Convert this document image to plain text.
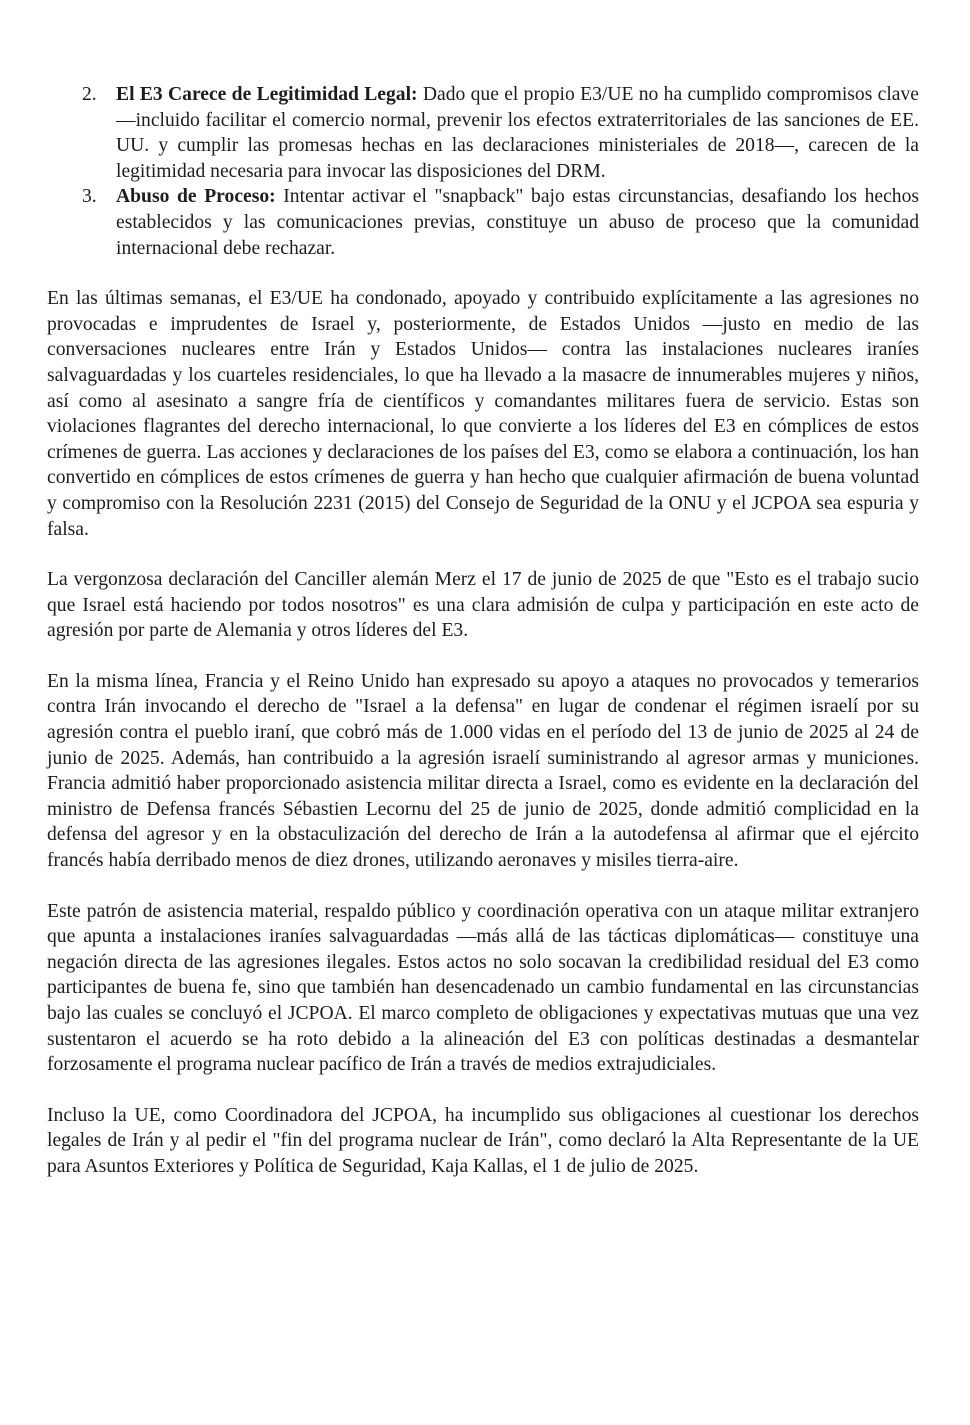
2. El E3 Carece de Legitimidad Legal: Dado que el propio E3/UE no ha cumplido compromisos clave —incluido facilitar el comercio normal, prevenir los efectos extraterritoriales de las sanciones de EE. UU. y cumplir las promesas hechas en las declaraciones ministeriales de 2018—, carecen de la legitimidad necesaria para invocar las disposiciones del DRM.
3. Abuso de Proceso: Intentar activar el "snapback" bajo estas circunstancias, desafiando los hechos establecidos y las comunicaciones previas, constituye un abuso de proceso que la comunidad internacional debe rechazar.

En las últimas semanas, el E3/UE ha condonado, apoyado y contribuido explícitamente a las agresiones no provocadas e imprudentes de Israel y, posteriormente, de Estados Unidos —justo en medio de las conversaciones nucleares entre Irán y Estados Unidos— contra las instalaciones nucleares iraníes salvaguardadas y los cuarteles residenciales, lo que ha llevado a la masacre de innumerables mujeres y niños, así como al asesinato a sangre fría de científicos y comandantes militares fuera de servicio. Estas son violaciones flagrantes del derecho internacional, lo que convierte a los líderes del E3 en cómplices de estos crímenes de guerra. Las acciones y declaraciones de los países del E3, como se elabora a continuación, los han convertido en cómplices de estos crímenes de guerra y han hecho que cualquier afirmación de buena voluntad y compromiso con la Resolución 2231 (2015) del Consejo de Seguridad de la ONU y el JCPOA sea espuria y falsa.

La vergonzosa declaración del Canciller alemán Merz el 17 de junio de 2025 de que "Esto es el trabajo sucio que Israel está haciendo por todos nosotros" es una clara admisión de culpa y participación en este acto de agresión por parte de Alemania y otros líderes del E3.

En la misma línea, Francia y el Reino Unido han expresado su apoyo a ataques no provocados y temerarios contra Irán invocando el derecho de "Israel a la defensa" en lugar de condenar el régimen israelí por su agresión contra el pueblo iraní, que cobró más de 1.000 vidas en el período del 13 de junio de 2025 al 24 de junio de 2025. Además, han contribuido a la agresión israelí suministrando al agresor armas y municiones. Francia admitió haber proporcionado asistencia militar directa a Israel, como es evidente en la declaración del ministro de Defensa francés Sébastien Lecornu del 25 de junio de 2025, donde admitió complicidad en la defensa del agresor y en la obstaculización del derecho de Irán a la autodefensa al afirmar que el ejército francés había derribado menos de diez drones, utilizando aeronaves y misiles tierra-aire.

Este patrón de asistencia material, respaldo público y coordinación operativa con un ataque militar extranjero que apunta a instalaciones iraníes salvaguardadas —más allá de las tácticas diplomáticas— constituye una negación directa de las agresiones ilegales. Estos actos no solo socavan la credibilidad residual del E3 como participantes de buena fe, sino que también han desencadenado un cambio fundamental en las circunstancias bajo las cuales se concluyó el JCPOA. El marco completo de obligaciones y expectativas mutuas que una vez sustentaron el acuerdo se ha roto debido a la alineación del E3 con políticas destinadas a desmantelar forzosamente el programa nuclear pacífico de Irán a través de medios extrajudiciales.

Incluso la UE, como Coordinadora del JCPOA, ha incumplido sus obligaciones al cuestionar los derechos legales de Irán y al pedir el "fin del programa nuclear de Irán", como declaró la Alta Representante de la UE para Asuntos Exteriores y Política de Seguridad, Kaja Kallas, el 1 de julio de 2025.
